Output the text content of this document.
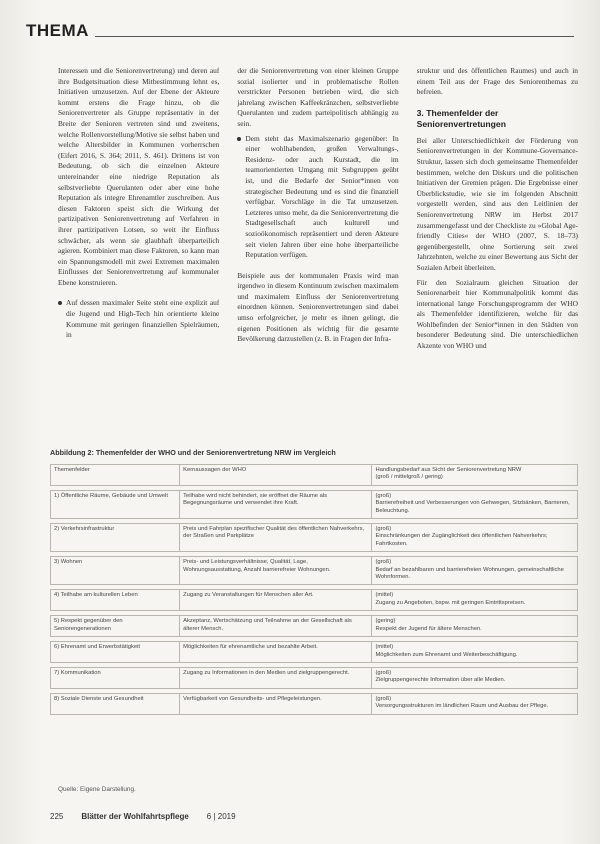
THEMA

Interessen und die Seniorenvertretung) und deren auf ihre Budgetsituation diese Mitbestimmung lehnt es, Initiativen umzusetzen. Auf der Ebene der Akteure kommt erstens die Frage hinzu, ob die Seniorenvertreter als Gruppe repräsentativ in der Breite der Senioren vertreten sind und zweitens, welche Rollenvorstellung/Motive sie selbst haben und welche Altersbilder in Kommunen vorherrschen (Eifert 2016, S. 364; 2011, S. 461). Drittens ist von Bedeutung, ob sich die einzelnen Akteure untereinander eine niedrige Reputation als selbstverliebte Querulanten oder aber eine hohe Reputation als integre Ehrenamtler zuschreiben. Aus diesen Faktoren speist sich die Wirkung der partizipativen Seniorenvertretung auf Verfahren in ihrer partizipativen Lotsen, so weit ihr Einfluss schwächer, als wenn sie glaubhaft überparteilich agieren. Kombiniert man diese Faktoren, so kann man ein Spannungsmodell mit zwei Extremen maximalen Einflusses der Seniorenvertretung auf kommunaler Ebene konstruieren.

Auf dessen maximaler Seite steht eine explizit auf die Jugend und High-Tech hin orientierte kleine Kommune mit geringen finanziellen Spielräumen, in

der die Seniorenvertretung von einer kleinen Gruppe sozial isolierter und in problematische Rollen verstrickter Personen betrieben wird, die sich jahrelang zwischen Kaffeekränzchen, selbstverliebte Querulanten und zudem parteipolitisch abhängig zu sein.

Dem steht das Maximalszenario gegenüber: In einer wohlhabenden, großen Verwaltungs-, Residenz- oder auch Kurstadt, die im teamorientierten Umgang mit Subgruppen geübt ist, und die Bedarfe der Senior*innen von strategischer Bedeutung und es sind die finanziell verfügbar. Vorschläge in die Tat umzusetzen. Letzteres umso mehr, da die Seniorenvertretung die Stadtgesellschaft auch kulturell und sozioökonomisch repräsentiert und deren Akteure seit vielen Jahren über eine hohe überparteiliche Reputation verfügen.

Beispiele aus der kommunalen Praxis wird man irgendwo in diesem Kontinuum zwischen maximalem und maximalem Einfluss der Seniorenvertretung einordnen können. Seniorenvertretungen sind dabei umso erfolgreicher, je mehr es ihnen gelingt, die eigenen Positionen als wichtig für die gesamte Bevölkerung darzustellen (z. B. in Fragen der Infra-

struktur und des öffentlichen Raumes) und auch in einem Teil aus der Frage des Seniorenthemas zu befreien.

3. Themenfelder der Seniorenvertretungen

Bei aller Unterschiedlichkeit der Förderung von Seniorenvertretungen in der Kommune-Governance-Struktur, lassen sich doch gemeinsame Themenfelder bestimmen, welche den Diskurs und die politischen Initiativen der Gremien prägen. Die Ergebnisse einer Überblickstudie, wie sie im folgenden Abschnitt vorgestellt werden, sind aus den Leitlinien der Seniorenvertretung NRW im Herbst 2017 zusammengefasst und der Checkliste zu »Global Age-friendly Cities« der WHO (2007, S. 18–73) gegenübergestellt, ohne Sortierung seit zwei Jahrzehnten, welche zu einer Bewertung aus Sicht der Sozialen Arbeit überleiten.

Für den Sozialraum gleichen Situation der Seniorenarbeit hier Kommunalpolitik kommt das international lange Forschungsprogramm der WHO als Themenfelder identifizieren, welche für das Wohlbefinden der Senior*innen in den Städten von besonderer Bedeutung sind. Die unterschiedlichen Akzente von WHO und

Abbildung 2: Themenfelder der WHO und der Seniorenvertretung NRW im Vergleich
Themenfelder	Kernaussagen der WHO	Handlungsbedarf aus Sicht der Seniorenvertretung NRW
(groß / mittelgroß / gering)

1) Öffentliche Räume, Gebäude und Umwelt	Teilhabe wird nicht behindert, sie eröffnet die Räume als Begegnungsräume und verwendet ihre Kraft.	(groß)
Barrierefreiheit und Verbesserungen von Gehwegen, Sitzbänken, Barrieren, Beleuchtung.

2) Verkehrsinfrastruktur	Preis und Fahrplan spezifischer Qualität des öffentlichen Nahverkehrs, der Straßen und Parkplätze	(groß)
Einschränkungen der Zugänglichkeit des öffentlichen Nahverkehrs; Fahrtkosten.

3) Wohnen	Preis- und Leistungsverhältnisse, Qualität, Lage, Wohnungsausstattung, Anzahl barrierefreier Wohnungen.	(groß)
Bedarf an bezahlbaren und barrierefreien Wohnungen, gemeinschaftliche Wohnformen.

4) Teilhabe am kulturellen Leben	Zugang zu Veranstaltungen für Menschen aller Art.	(mittel)
Zugang zu Angeboten, bspw. mit geringen Eintrittspreisen.

5) Respekt gegenüber den Seniorengenerationen	Akzeptanz, Wertschätzung und Teilnahme an der Gesellschaft als älterer Mensch.	(gering)
Respekt der Jugend für ältere Menschen.

6) Ehrenamt und Erwerbstätigkeit	Möglichkeiten für ehrenamtliche und bezahlte Arbeit.	(mittel)
Möglichkeiten zum Ehrenamt und Weiterbeschäftigung.

7) Kommunikation	Zugang zu Informationen in den Medien und zielgruppengerecht.	(groß)
Zielgruppengerechte Information über alle Medien.

8) Soziale Dienste und Gesundheit	Verfügbarkeit von Gesundheits- und Pflegeleistungen.	(groß)
Versorgungsstrukturen im ländlichen Raum und Ausbau der Pflege.
Quelle: Eigene Darstellung.
225 Blätter der Wohlfahrtspflege 6 | 2019
